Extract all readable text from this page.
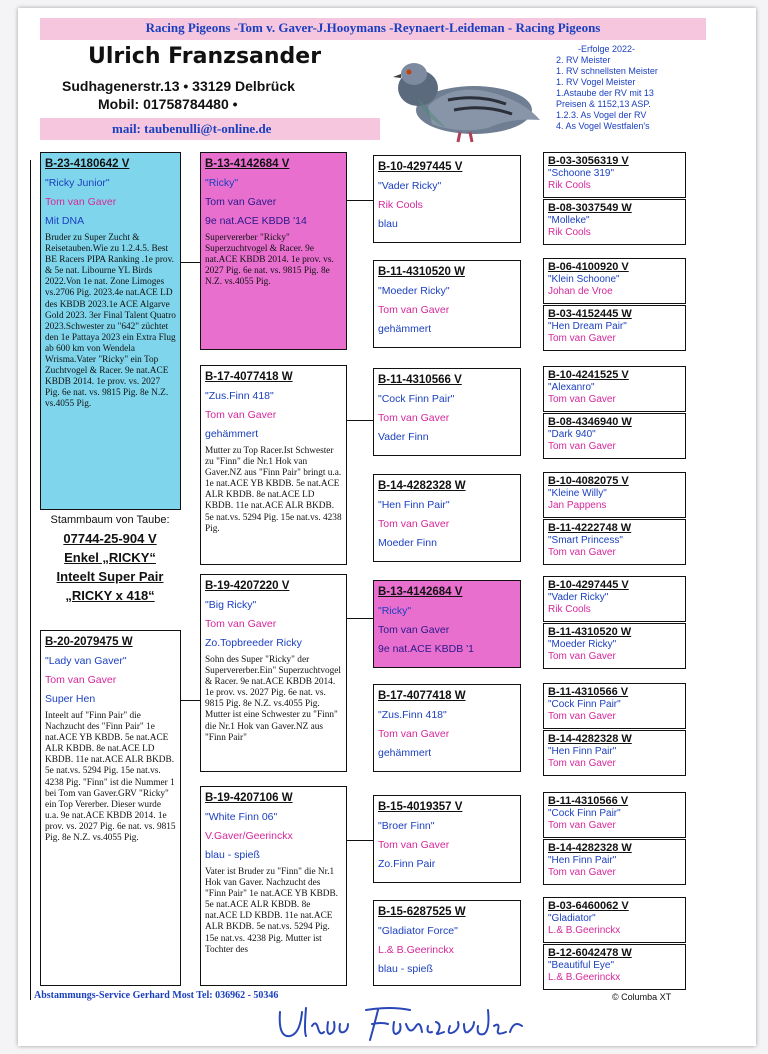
Racing Pigeons -Tom v. Gaver-J.Hooymans -Reynaert-Leideman - Racing Pigeons
Ulrich Franzsander
Sudhagenerstr.13 • 33129 Delbrück
Mobil: 01758784480 •
mail: taubenulli@t-online.de
-Erfolge 2022-
2. RV Meister
1. RV schnellsten Meister
1. RV Vogel Meister
1.Astaube der RV mit 13
Preisen & 1152,13 ASP.
1.2.3. As Vogel der RV
4. As Vogel Westfalen's
B-23-4180642 V
"Ricky Junior"
Tom van Gaver
Mit DNA
Bruder zu Super Zucht & Reisetauben.Wie zu 1.2.4.5. Best BE Racers PIPA Ranking .1e prov. & 5e nat. Libourne YL Birds 2022.Von 1e nat. Zone Limoges vs.2706 Pig. 2023.4e nat.ACE LD des KBDB 2023.1e ACE Algarve Gold 2023. 3er Final Talent Quatro 2023.Schwester zu "642" züchtet den 1e Pattaya 2023 ein Extra Flug ab 600 km von Wendela Wrisma.Vater "Ricky" ein Top Zuchtvogel & Racer. 9e nat.ACE KBDB 2014. 1e prov. vs. 2027 Pig. 6e nat. vs. 9815 Pig. 8e N.Z. vs.4055 Pig.
Stammbaum von Taube:
07744-25-904 V
Enkel „RICKY“
Inteelt Super Pair
„RICKY x 418“
B-20-2079475 W
"Lady van Gaver"
Tom van Gaver
Super Hen
Inteelt auf "Finn Pair" die Nachzucht des "Finn Pair" 1e nat.ACE YB KBDB. 5e nat.ACE ALR KBDB. 8e nat.ACE LD KBDB. 11e nat.ACE ALR BKDB. 5e nat.vs. 5294 Pig. 15e nat.vs. 4238 Pig. "Finn" ist die Nummer 1 bei Tom van Gaver.GRV "Ricky" ein Top Vererber. Dieser wurde u.a. 9e nat.ACE KBDB 2014. 1e prov. vs. 2027 Pig. 6e nat. vs. 9815 Pig. 8e N.Z. vs.4055 Pig.
B-13-4142684 V
"Ricky"
Tom van Gaver
9e nat.ACE KBDB '14
Supervererber "Ricky" Superzuchtvogel & Racer. 9e nat.ACE KBDB 2014. 1e prov. vs. 2027 Pig. 6e nat. vs. 9815 Pig. 8e N.Z. vs.4055 Pig.
B-17-4077418 W
"Zus.Finn 418"
Tom van Gaver
gehämmert
Mutter zu Top Racer.Ist Schwester zu "Finn" die Nr.1 Hok van Gaver.NZ aus "Finn Pair" bringt u.a. 1e nat.ACE YB KBDB. 5e nat.ACE ALR KBDB. 8e nat.ACE LD KBDB. 11e nat.ACE ALR BKDB. 5e nat.vs. 5294 Pig. 15e nat.vs. 4238 Pig.
B-19-4207220 V
"Big Ricky"
Tom van Gaver
Zo.Topbreeder Ricky
Sohn des Super "Ricky" der Supervererber.Ein" Superzuchtvogel & Racer. 9e nat.ACE KBDB 2014. 1e prov. vs. 2027 Pig. 6e nat. vs. 9815 Pig. 8e N.Z. vs.4055 Pig. Mutter ist eine Schwester zu "Finn" die Nr.1 Hok van Gaver.NZ aus "Finn Pair"
B-19-4207106 W
"White Finn 06"
V.Gaver/Geerinckx
blau - spieß
Vater ist Bruder zu "Finn" die Nr.1 Hok van Gaver. Nachzucht des "Finn Pair" 1e nat.ACE YB KBDB. 5e nat.ACE ALR KBDB. 8e nat.ACE LD KBDB. 11e nat.ACE ALR BKDB. 5e nat.vs. 5294 Pig. 15e nat.vs. 4238 Pig. Mutter ist Tochter des
B-10-4297445 V
"Vader Ricky"
Rik Cools
blau
B-11-4310520 W
"Moeder Ricky"
Tom van Gaver
gehämmert
B-11-4310566 V
"Cock Finn Pair"
Tom van Gaver
Vader Finn
B-14-4282328 W
"Hen Finn Pair"
Tom van Gaver
Moeder Finn
B-13-4142684 V
"Ricky"
Tom van Gaver
9e nat.ACE KBDB '1
B-17-4077418 W
"Zus.Finn 418"
Tom van Gaver
gehämmert
B-15-4019357 V
"Broer Finn"
Tom van Gaver
Zo.Finn Pair
B-15-6287525 W
"Gladiator Force"
L.& B.Geerinckx
blau - spieß
B-03-3056319 V
"Schoone 319"
Rik Cools
B-08-3037549 W
"Molleke"
Rik Cools
B-06-4100920 V
"Klein Schoone"
Johan de Vroe
B-03-4152445 W
"Hen Dream Pair"
Tom van Gaver
B-10-4241525 V
"Alexanro"
Tom van Gaver
B-08-4346940 W
"Dark 940"
Tom van Gaver
B-10-4082075 V
"Kleine Willy"
Jan Pappens
B-11-4222748 W
"Smart Princess"
Tom van Gaver
B-10-4297445 V
"Vader Ricky"
Rik Cools
B-11-4310520 W
"Moeder Ricky"
Tom van Gaver
B-11-4310566 V
"Cock Finn Pair"
Tom van Gaver
B-14-4282328 W
"Hen Finn Pair"
Tom van Gaver
B-11-4310566 V
"Cock Finn Pair"
Tom van Gaver
B-14-4282328 W
"Hen Finn Pair"
Tom van Gaver
B-03-6460062 V
"Gladiator"
L.& B.Geerinckx
B-12-6042478 W
"Beautiful Eye"
L.& B.Geerinckx
Abstammungs-Service Gerhard Most Tel: 036962 - 50346	© Columba XT
